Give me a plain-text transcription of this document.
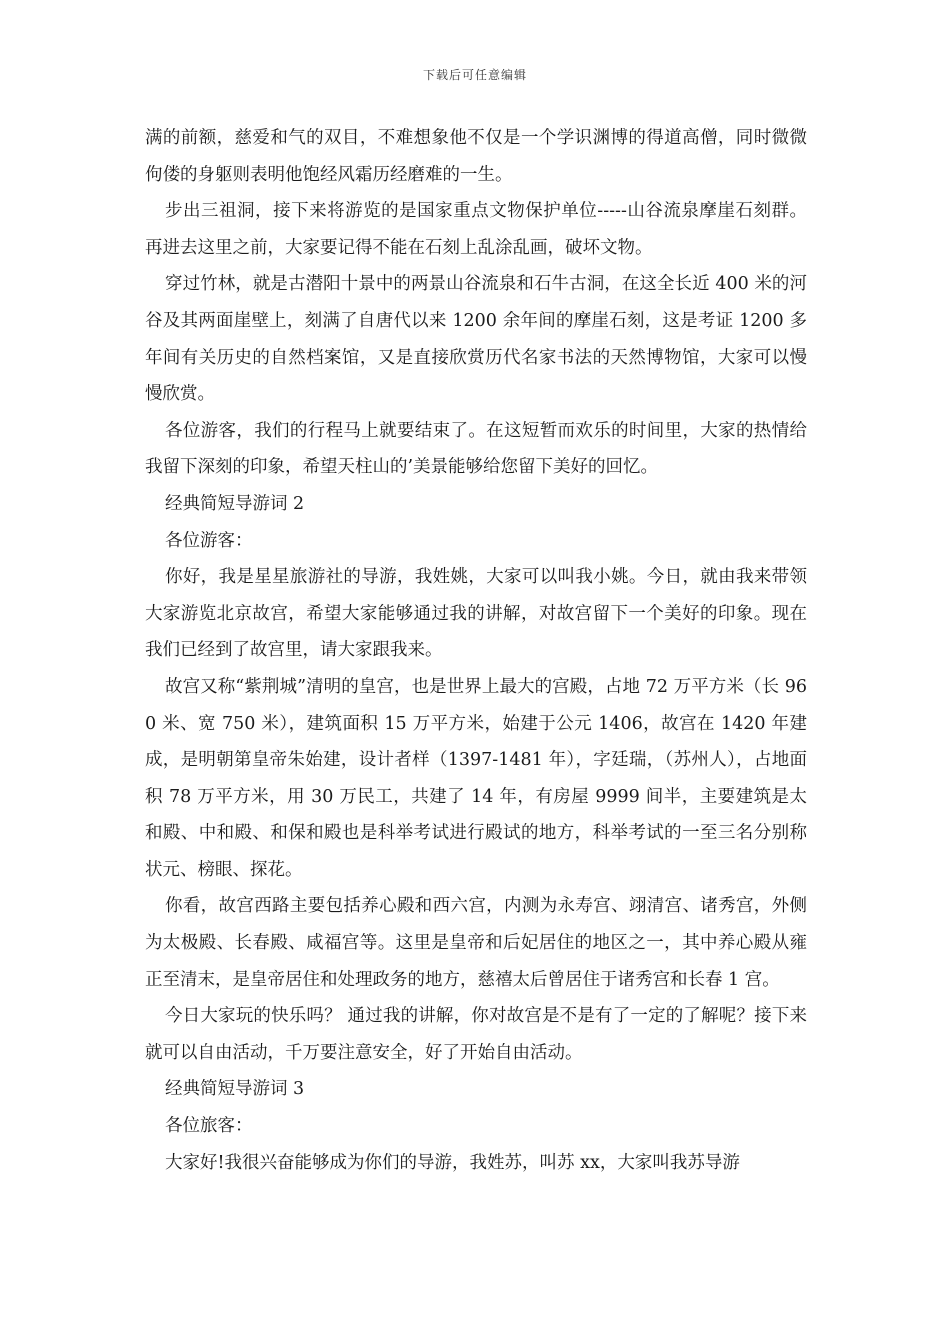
下载后可任意编辑

满的前额，慈爱和气的双目，不难想象他不仅是一个学识渊博的得道高僧，同时微微佝偻的身躯则表明他饱经风霜历经磨难的一生。

步出三祖洞，接下来将游览的是国家重点文物保护单位-----山谷流泉摩崖石刻群。再进去这里之前，大家要记得不能在石刻上乱涂乱画，破坏文物。

穿过竹林，就是古潜阳十景中的两景山谷流泉和石牛古洞，在这全长近 400 米的河谷及其两面崖壁上，刻满了自唐代以来 1200 余年间的摩崖石刻，这是考证 1200 多年间有关历史的自然档案馆，又是直接欣赏历代名家书法的天然博物馆，大家可以慢慢欣赏。

各位游客，我们的行程马上就要结束了。在这短暂而欢乐的时间里，大家的热情给我留下深刻的印象，希望天柱山的’美景能够给您留下美好的回忆。

经典简短导游词 2

各位游客：

你好，我是星星旅游社的导游，我姓姚，大家可以叫我小姚。今日，就由我来带领大家游览北京故宫，希望大家能够通过我的讲解，对故宫留下一个美好的印象。现在我们已经到了故宫里，请大家跟我来。

故宫又称“紫荆城”清明的皇宫，也是世界上最大的宫殿，占地 72 万平方米（长 960 米、宽 750 米），建筑面积 15 万平方米，始建于公元 1406，故宫在 1420 年建成，是明朝第皇帝朱始建，设计者样（1397-1481 年），字廷瑞，（苏州人），占地面积 78 万平方米，用 30 万民工，共建了 14 年，有房屋 9999 间半，主要建筑是太和殿、中和殿、和保和殿也是科举考试进行殿试的地方，科举考试的一至三名分别称状元、榜眼、探花。

你看，故宫西路主要包括养心殿和西六宫，内测为永寿宫、翊清宫、诸秀宫，外侧为太极殿、长春殿、咸福宫等。这里是皇帝和后妃居住的地区之一，其中养心殿从雍正至清末，是皇帝居住和处理政务的地方，慈禧太后曾居住于诸秀宫和长春 1 宫。

今日大家玩的快乐吗？ 通过我的讲解，你对故宫是不是有了一定的了解呢？接下来就可以自由活动，千万要注意安全，好了开始自由活动。

经典简短导游词 3

各位旅客：

大家好!我很兴奋能够成为你们的导游，我姓苏，叫苏 xx，大家叫我苏导游
